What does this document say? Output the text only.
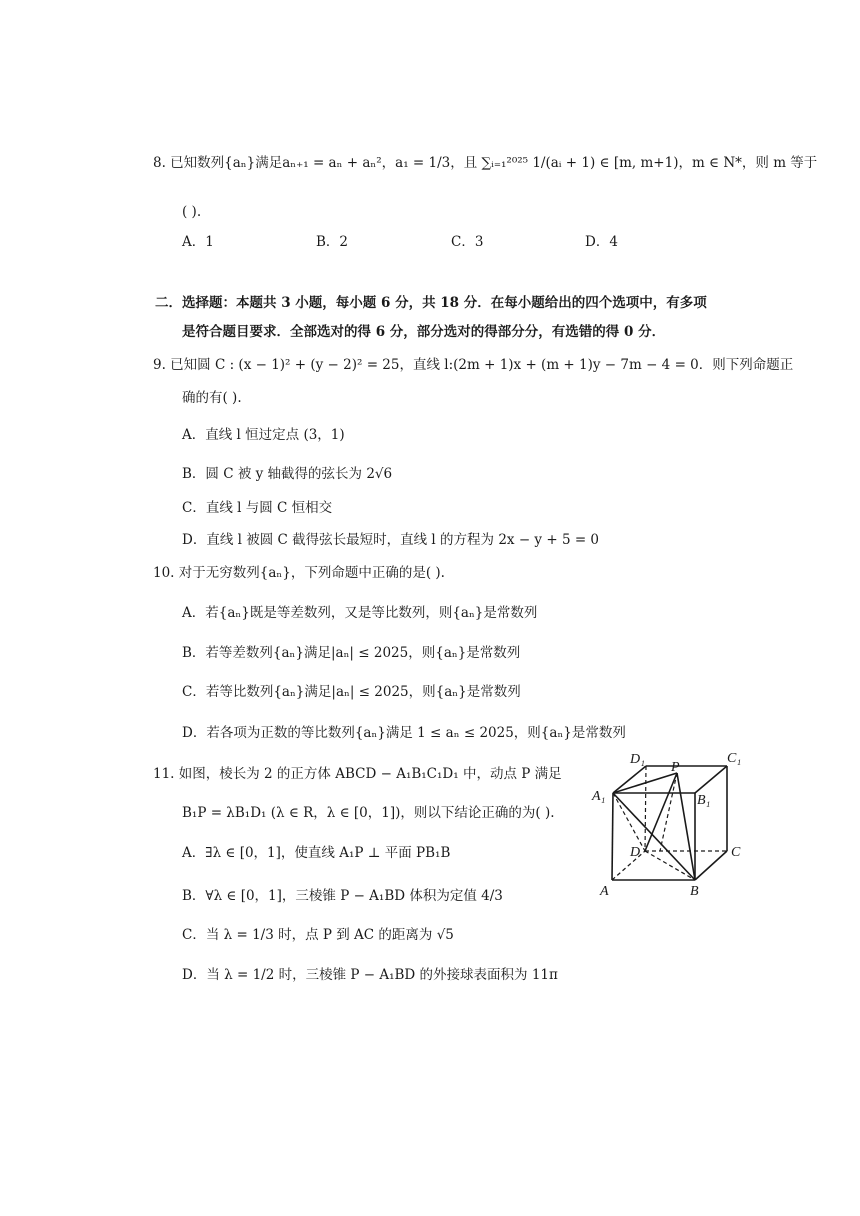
8. 已知数列{aₙ}满足aₙ₊₁ = aₙ + aₙ²，a₁ = 1/3，且 ∑ᵢ₌₁²⁰²⁵ 1/(aᵢ + 1) ∈ [m, m+1)，m ∈ N*，则 m 等于
( ).
A．1	B．2	C．3	D．4
二．选择题：本题共 3 小题，每小题 6 分，共 18 分．在每小题给出的四个选项中，有多项
是符合题目要求．全部选对的得 6 分，部分选对的得部分分，有选错的得 0 分．
9. 已知圆 C : (x − 1)² + (y − 2)² = 25，直线 l:(2m + 1)x + (m + 1)y − 7m − 4 = 0．则下列命题正
确的有( ).
A．直线 l 恒过定点 (3，1)
B．圆 C 被 y 轴截得的弦长为 2√6
C．直线 l 与圆 C 恒相交
D．直线 l 被圆 C 截得弦长最短时，直线 l 的方程为 2x − y + 5 = 0
10. 对于无穷数列{aₙ}，下列命题中正确的是( ).
A．若{aₙ}既是等差数列，又是等比数列，则{aₙ}是常数列
B．若等差数列{aₙ}满足|aₙ| ≤ 2025，则{aₙ}是常数列
C．若等比数列{aₙ}满足|aₙ| ≤ 2025，则{aₙ}是常数列
D．若各项为正数的等比数列{aₙ}满足 1 ≤ aₙ ≤ 2025，则{aₙ}是常数列
11. 如图，棱长为 2 的正方体 ABCD − A₁B₁C₁D₁ 中，动点 P 满足
B₁P = λB₁D₁ (λ ∈ R，λ ∈ [0，1])，则以下结论正确的为( ).
A．∃λ ∈ [0，1]，使直线 A₁P ⊥ 平面 PB₁B
B．∀λ ∈ [0，1]，三棱锥 P − A₁BD 体积为定值 4/3
C．当 λ = 1/3 时，点 P 到 AC 的距离为 √5
D．当 λ = 1/2 时，三棱锥 P − A₁BD 的外接球表面积为 11π
D₁	C₁
A₁	B₁
P
D	C
A	B
